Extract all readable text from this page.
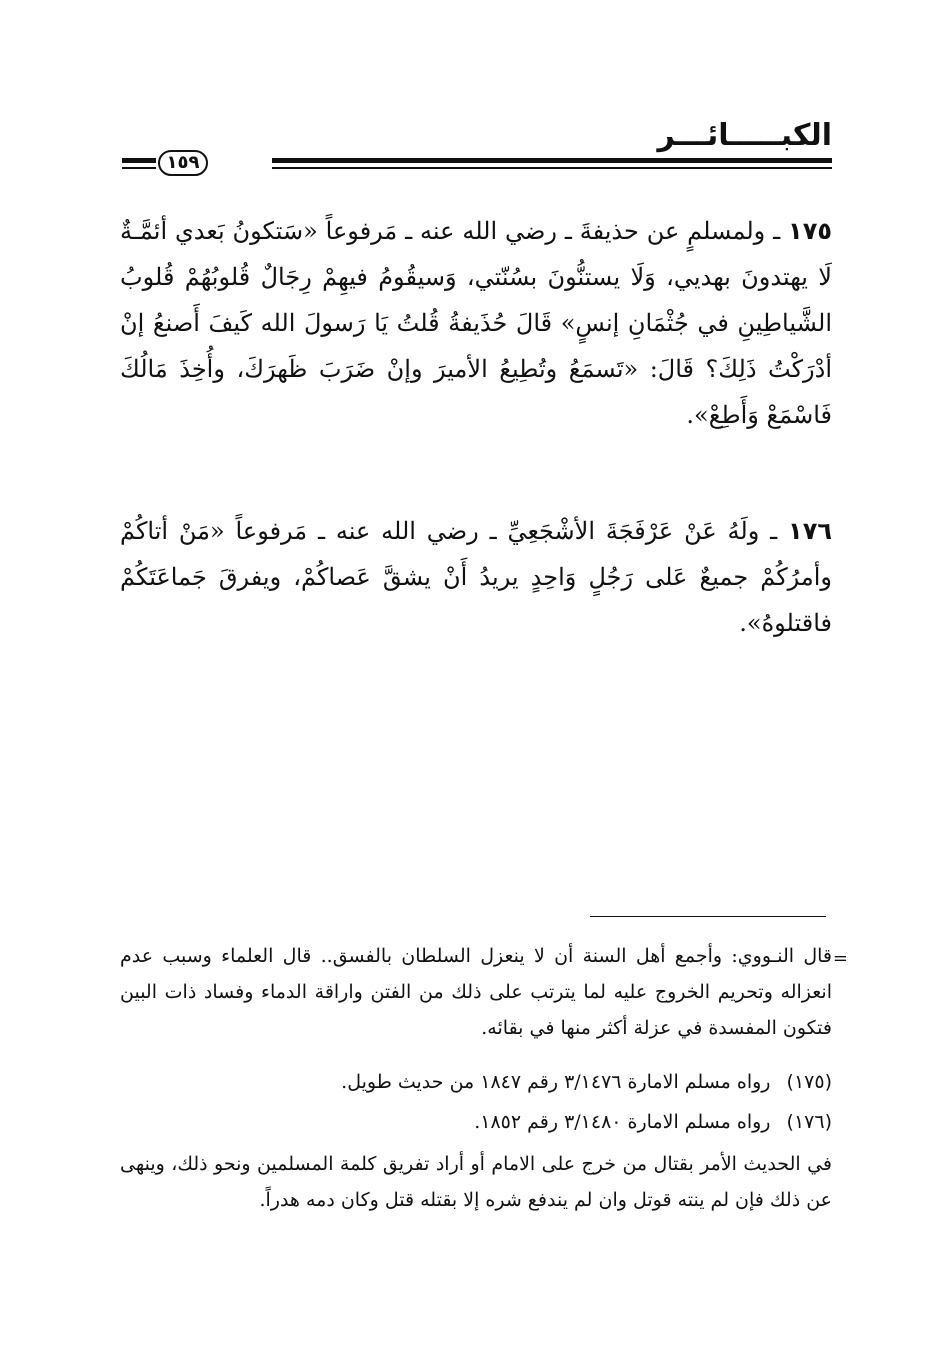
الكبـــــائـــر
١٥٩

١٧٥ ـ ولمسلمٍ عن حذيفةَ ـ رضي الله عنه ـ مَرفوعاً «سَتكونُ بَعدي أئمَّـةٌ لَا يهتدونَ بهديي، وَلَا يستنُّونَ بسُنّتي، وَسيقُومُ فيهِمْ رِجَالٌ قُلوبُهُمْ قُلوبُ الشَّياطِينِ في جُثْمَانِ إنسٍ» قَالَ حُذَيفةُ قُلتُ يَا رَسولَ الله كَيفَ أَصنعُ إنْ أدْرَكْتُ ذَلِكَ؟ قَالَ: «تَسمَعُ وتُطِيعُ الأميرَ وإنْ ضَرَبَ ظَهرَكَ، وأُخِذَ مَالُكَ فَاسْمَعْ وَأَطِعْ».

١٧٦ ـ ولَهُ عَنْ عَرْفَجَةَ الأشْجَعِيِّ ـ رضي الله عنه ـ مَرفوعاً «مَنْ أتاكُمْ وأمرُكُمْ جميعٌ عَلى رَجُلٍ وَاحِدٍ يريدُ أَنْ يشقَّ عَصاكُمْ، ويفرقَ جَماعَتَكُمْ فاقتلوهُ».

=

قال النـووي: وأجمع أهل السنة أن لا ينعزل السلطان بالفسق.. قال العلماء وسبب عدم انعزاله وتحريم الخروج عليه لما يترتب على ذلك من الفتن واراقة الدماء وفساد ذات البين فتكون المفسدة في عزلة أكثر منها في بقائه.

(١٧٥) رواه مسلم الامارة ٣/١٤٧٦ رقم ١٨٤٧ من حديث طويل.

(١٧٦) رواه مسلم الامارة ٣/١٤٨٠ رقم ١٨٥٢.

في الحديث الأمر بقتال من خرج على الامام أو أراد تفريق كلمة المسلمين ونحو ذلك، وينهى عن ذلك فإن لم ينته قوتل وان لم يندفع شره إلا بقتله قتل وكان دمه هدراً.
